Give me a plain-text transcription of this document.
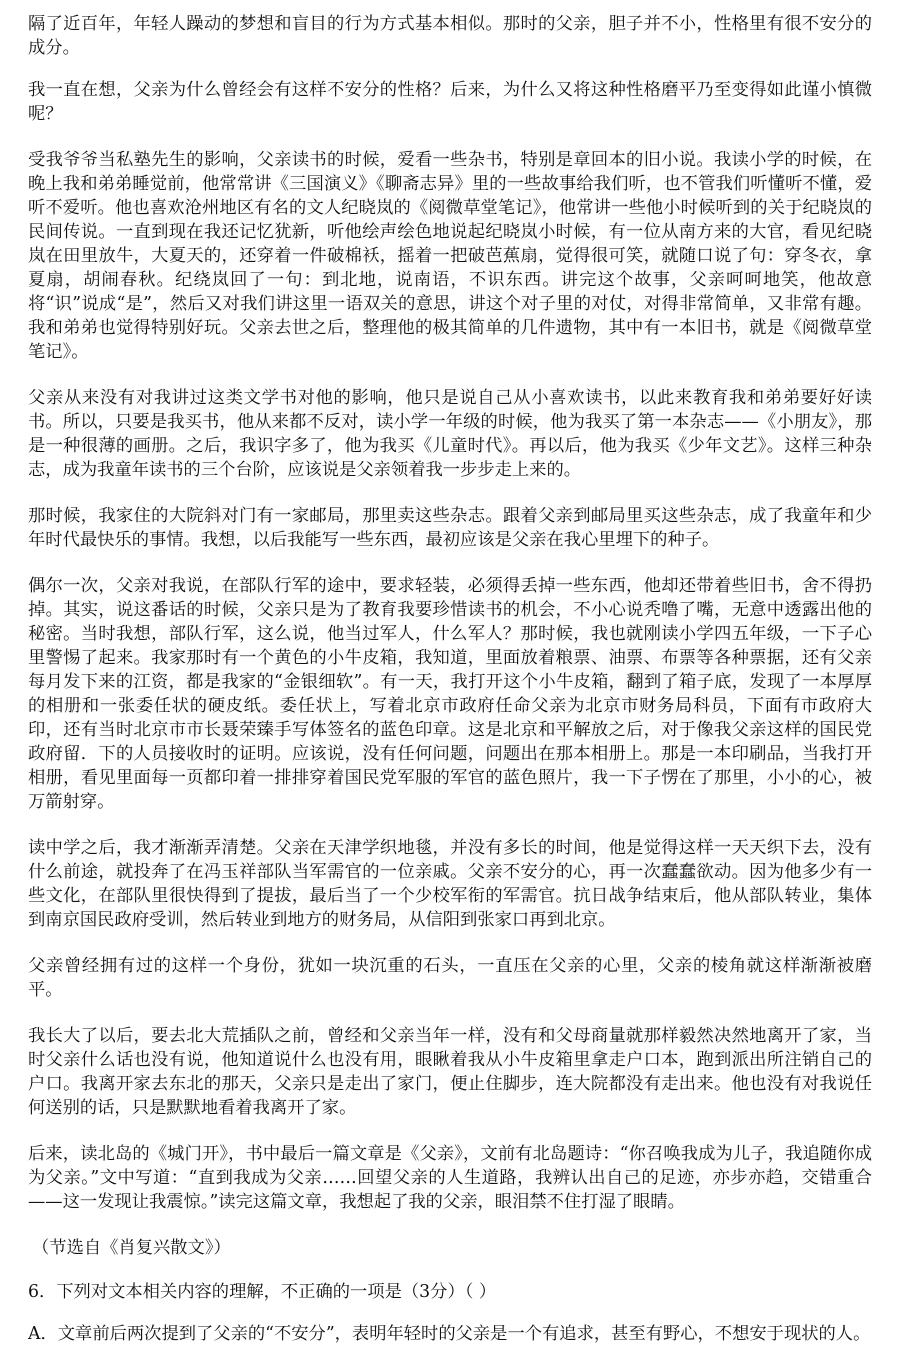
隔了近百年，年轻人躁动的梦想和盲目的行为方式基本相似。那时的父亲，胆子并不小，性格里有很不安分的成分。

我一直在想，父亲为什么曾经会有这样不安分的性格？后来，为什么又将这种性格磨平乃至变得如此谨小慎微呢？

受我爷爷当私塾先生的影响，父亲读书的时候，爱看一些杂书，特别是章回本的旧小说。我读小学的时候，在晚上我和弟弟睡觉前，他常常讲《三国演义》《聊斋志异》里的一些故事给我们听，也不管我们听懂听不懂，爱听不爱听。他也喜欢沧州地区有名的文人纪晓岚的《阅微草堂笔记》，他常讲一些他小时候听到的关于纪晓岚的民间传说。一直到现在我还记忆犹新，听他绘声绘色地说起纪晓岚小时候，有一位从南方来的大官，看见纪晓岚在田里放牛，大夏天的，还穿着一件破棉袄，摇着一把破芭蕉扇，觉得很可笑，就随口说了句：穿冬衣，拿夏扇，胡闹春秋。纪绕岚回了一句：到北地，说南语，不识东西。讲完这个故事，父亲呵呵地笑，他故意将“识”说成“是”，然后又对我们讲这里一语双关的意思，讲这个对子里的对仗，对得非常简单，又非常有趣。我和弟弟也觉得特别好玩。父亲去世之后，整理他的极其简单的几件遗物，其中有一本旧书，就是《阅微草堂笔记》。

父亲从来没有对我讲过这类文学书对他的影响，他只是说自己从小喜欢读书，以此来教育我和弟弟要好好读书。所以，只要是我买书，他从来都不反对，读小学一年级的时候，他为我买了第一本杂志——《小朋友》，那是一种很薄的画册。之后，我识字多了，他为我买《儿童时代》。再以后，他为我买《少年文艺》。这样三种杂志，成为我童年读书的三个台阶，应该说是父亲领着我一步步走上来的。

那时候，我家住的大院斜对门有一家邮局，那里卖这些杂志。跟着父亲到邮局里买这些杂志，成了我童年和少年时代最快乐的事情。我想，以后我能写一些东西，最初应该是父亲在我心里埋下的种子。

偶尔一次，父亲对我说，在部队行军的途中，要求轻装，必须得丢掉一些东西，他却还带着些旧书，舍不得扔掉。其实，说这番话的时候，父亲只是为了教育我要珍惜读书的机会，不小心说秃噜了嘴，无意中透露出他的秘密。当时我想，部队行军，这么说，他当过军人，什么军人？那时候，我也就刚读小学四五年级，一下子心里警惕了起来。我家那时有一个黄色的小牛皮箱，我知道，里面放着粮票、油票、布票等各种票据，还有父亲每月发下来的江资，都是我家的“金银细软”。有一天，我打开这个小牛皮箱，翻到了箱子底，发现了一本厚厚的相册和一张委任状的硬皮纸。委任状上，写着北京市政府任命父亲为北京市财务局科员，下面有市政府大印，还有当时北京市市长聂荣臻手写体签名的蓝色印章。这是北京和平解放之后，对于像我父亲这样的国民党政府留．下的人员接收时的证明。应该说，没有任何问题，问题出在那本相册上。那是一本印刷品，当我打开相册，看见里面每一页都印着一排排穿着国民党军服的军官的蓝色照片，我一下子愣在了那里，小小的心，被万箭射穿。

读中学之后，我才渐渐弄清楚。父亲在天津学织地毯，并没有多长的时间，他是觉得这样一天天织下去，没有什么前途，就投奔了在冯玉祥部队当军需官的一位亲戚。父亲不安分的心，再一次蠢蠢欲动。因为他多少有一些文化，在部队里很快得到了提拔，最后当了一个少校军衔的军需官。抗日战争结束后，他从部队转业，集体到南京国民政府受训，然后转业到地方的财务局，从信阳到张家口再到北京。

父亲曾经拥有过的这样一个身份，犹如一块沉重的石头，一直压在父亲的心里，父亲的棱角就这样渐渐被磨平。

我长大了以后，要去北大荒插队之前，曾经和父亲当年一样，没有和父母商量就那样毅然决然地离开了家，当时父亲什么话也没有说，他知道说什么也没有用，眼瞅着我从小牛皮箱里拿走户口本，跑到派出所注销自己的户口。我离开家去东北的那天，父亲只是走出了家门，便止住脚步，连大院都没有走出来。他也没有对我说任何送别的话，只是默默地看着我离开了家。

后来，读北岛的《城门开》，书中最后一篇文章是《父亲》，文前有北岛题诗：“你召唤我成为儿子，我追随你成为父亲。”文中写道：“直到我成为父亲……回望父亲的人生道路，我辨认出自己的足迹，亦步亦趋，交错重合——这一发现让我震惊。”读完这篇文章，我想起了我的父亲，眼泪禁不住打湿了眼睛。

（节选自《肖复兴散文》）

6．下列对文本相关内容的理解，不正确的一项是（3分）（ ）

A．文章前后两次提到了父亲的“不安分”，表明年轻时的父亲是一个有追求，甚至有野心，不想安于现状的人。
